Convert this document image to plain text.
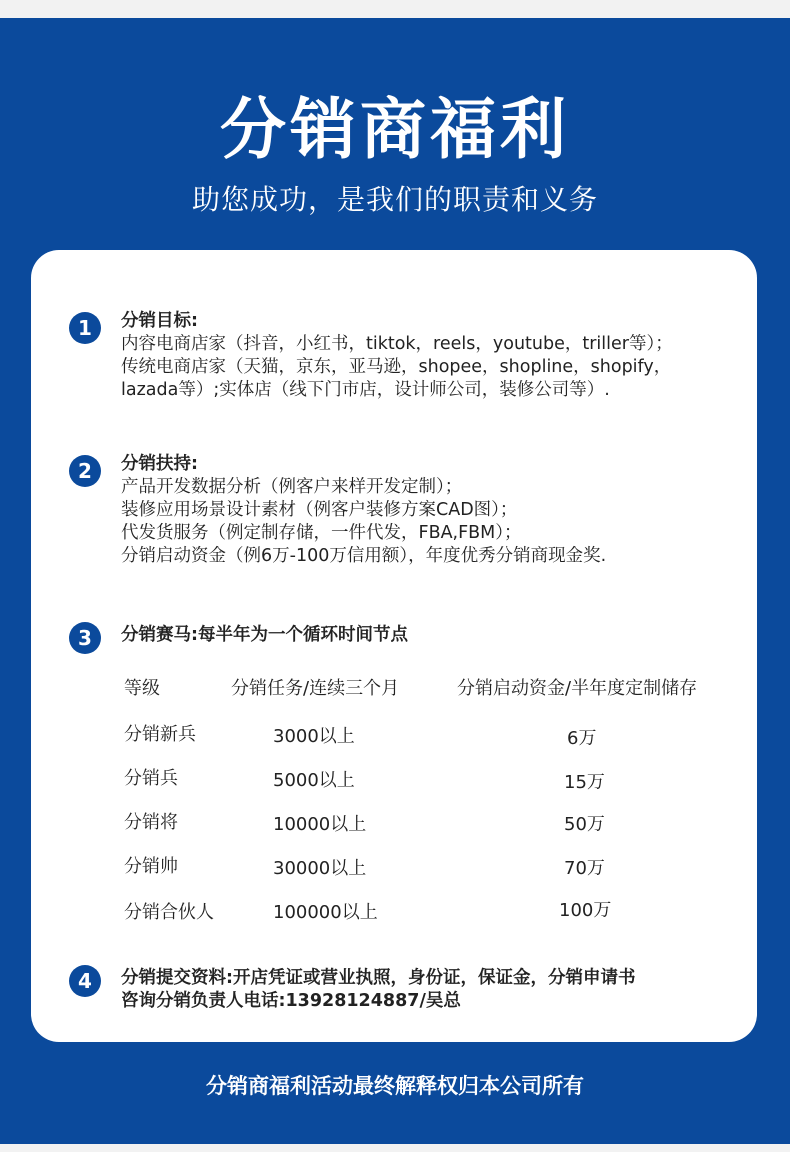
分销商福利
助您成功，是我们的职责和义务
1	分销目标:
内容电商店家（抖音，小红书，tiktok，reels，youtube，triller等）；
传统电商店家（天猫，京东，亚马逊，shopee，shopline，shopify，
lazada等）;实体店（线下门市店，设计师公司，装修公司等）.
2	分销扶持:
产品开发数据分析（例客户来样开发定制）；
装修应用场景设计素材（例客户装修方案CAD图）；
代发货服务（例定制存储，一件代发，FBA,FBM）；
分销启动资金（例6万-100万信用额），年度优秀分销商现金奖.
3	分销赛马:每半年为一个循环时间节点
等级	分销任务/连续三个月	分销启动资金/半年度定制储存
分销新兵	3000以上	6万
分销兵	5000以上	15万
分销将	10000以上	50万
分销帅	30000以上	70万
分销合伙人	100000以上	100万
4	分销提交资料:开店凭证或营业执照，身份证，保证金，分销申请书
咨询分销负责人电话:13928124887/吴总
分销商福利活动最终解释权归本公司所有
